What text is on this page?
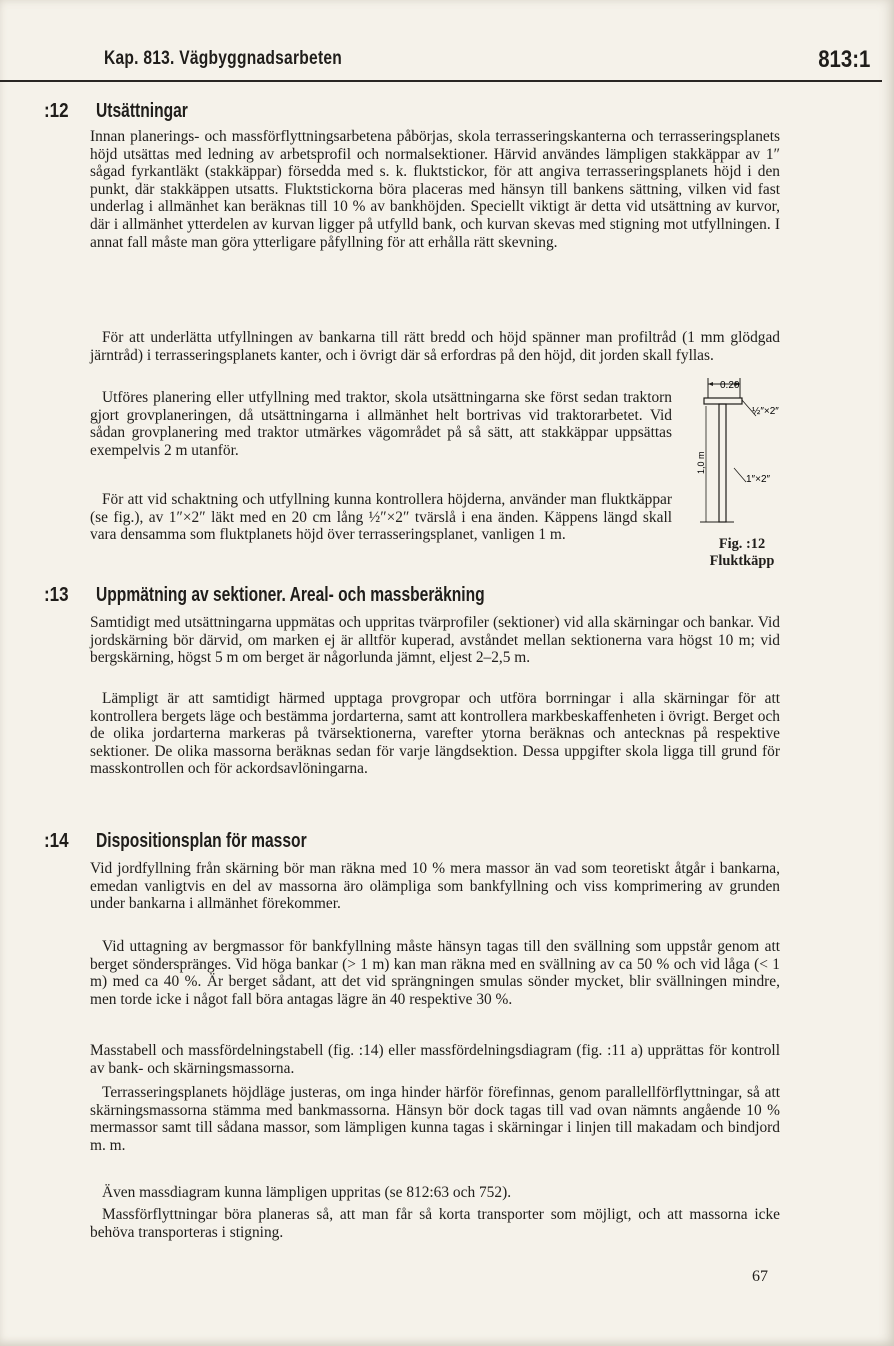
Kap. 813. Vägbyggnadsarbeten	813:1
:12 Utsättningar
Innan planerings- och massförflyttningsarbetena påbörjas, skola terrasseringskanterna och terrasseringsplanets höjd utsättas med ledning av arbetsprofil och normalsektioner. Härvid användes lämpligen stakkäppar av 1″ sågad fyrkantläkt (stakkäppar) försedda med s. k. fluktstickor, för att angiva terrasseringsplanets höjd i den punkt, där stakkäppen utsatts. Fluktstickorna böra placeras med hänsyn till bankens sättning, vilken vid fast underlag i allmänhet kan beräknas till 10 % av bankhöjden. Speciellt viktigt är detta vid utsättning av kurvor, där i allmänhet ytterdelen av kurvan ligger på utfylld bank, och kurvan skevas med stigning mot utfyllningen. I annat fall måste man göra ytterligare påfyllning för att erhålla rätt skevning.
För att underlätta utfyllningen av bankarna till rätt bredd och höjd spänner man profiltråd (1 mm glödgad järntråd) i terrasseringsplanets kanter, och i övrigt där så erfordras på den höjd, dit jorden skall fyllas.
Utföres planering eller utfyllning med traktor, skola utsättningarna ske först sedan traktorn gjort grovplaneringen, då utsättningarna i allmänhet helt bortrivas vid traktorarbetet. Vid sådan grovplanering med traktor utmärkes vägområdet på så sätt, att stakkäppar uppsättas exempelvis 2 m utanför.
För att vid schaktning och utfyllning kunna kontrollera höjderna, använder man fluktkäppar (se fig.), av 1″×2″ läkt med en 20 cm lång ½″×2″ tvärslå i ena änden. Käppens längd skall vara densamma som fluktplanets höjd över terrasseringsplanet, vanligen 1 m.
0.20
½″×2″
1″×2″
1,0 m
Fig. :12
Fluktkäpp
:13 Uppmätning av sektioner. Areal- och massberäkning
Samtidigt med utsättningarna uppmätas och uppritas tvärprofiler (sektioner) vid alla skärningar och bankar. Vid jordskärning bör därvid, om marken ej är alltför kuperad, avståndet mellan sektionerna vara högst 10 m; vid bergskärning, högst 5 m om berget är någorlunda jämnt, eljest 2–2,5 m.
Lämpligt är att samtidigt härmed upptaga provgropar och utföra borrningar i alla skärningar för att kontrollera bergets läge och bestämma jordarterna, samt att kontrollera markbeskaffenheten i övrigt. Berget och de olika jordarterna markeras på tvärsektionerna, varefter ytorna beräknas och antecknas på respektive sektioner. De olika massorna beräknas sedan för varje längdsektion. Dessa uppgifter skola ligga till grund för masskontrollen och för ackordsavlöningarna.
:14 Dispositionsplan för massor
Vid jordfyllning från skärning bör man räkna med 10 % mera massor än vad som teoretiskt åtgår i bankarna, emedan vanligtvis en del av massorna äro olämpliga som bankfyllning och viss komprimering av grunden under bankarna i allmänhet förekommer.
Vid uttagning av bergmassor för bankfyllning måste hänsyn tagas till den svällning som uppstår genom att berget sönderspränges. Vid höga bankar (> 1 m) kan man räkna med en svällning av ca 50 % och vid låga (< 1 m) med ca 40 %. Är berget sådant, att det vid sprängningen smulas sönder mycket, blir svällningen mindre, men torde icke i något fall böra antagas lägre än 40 respektive 30 %.
Masstabell och massfördelningstabell (fig. :14) eller massfördelningsdiagram (fig. :11 a) upprättas för kontroll av bank- och skärningsmassorna.
Terrasseringsplanets höjdläge justeras, om inga hinder härför förefinnas, genom parallellförflyttningar, så att skärningsmassorna stämma med bankmassorna. Hänsyn bör dock tagas till vad ovan nämnts angående 10 % mermassor samt till sådana massor, som lämpligen kunna tagas i skärningar i linjen till makadam och bindjord m. m.
Även massdiagram kunna lämpligen uppritas (se 812:63 och 752).
Massförflyttningar böra planeras så, att man får så korta transporter som möjligt, och att massorna icke behöva transporteras i stigning.
67
